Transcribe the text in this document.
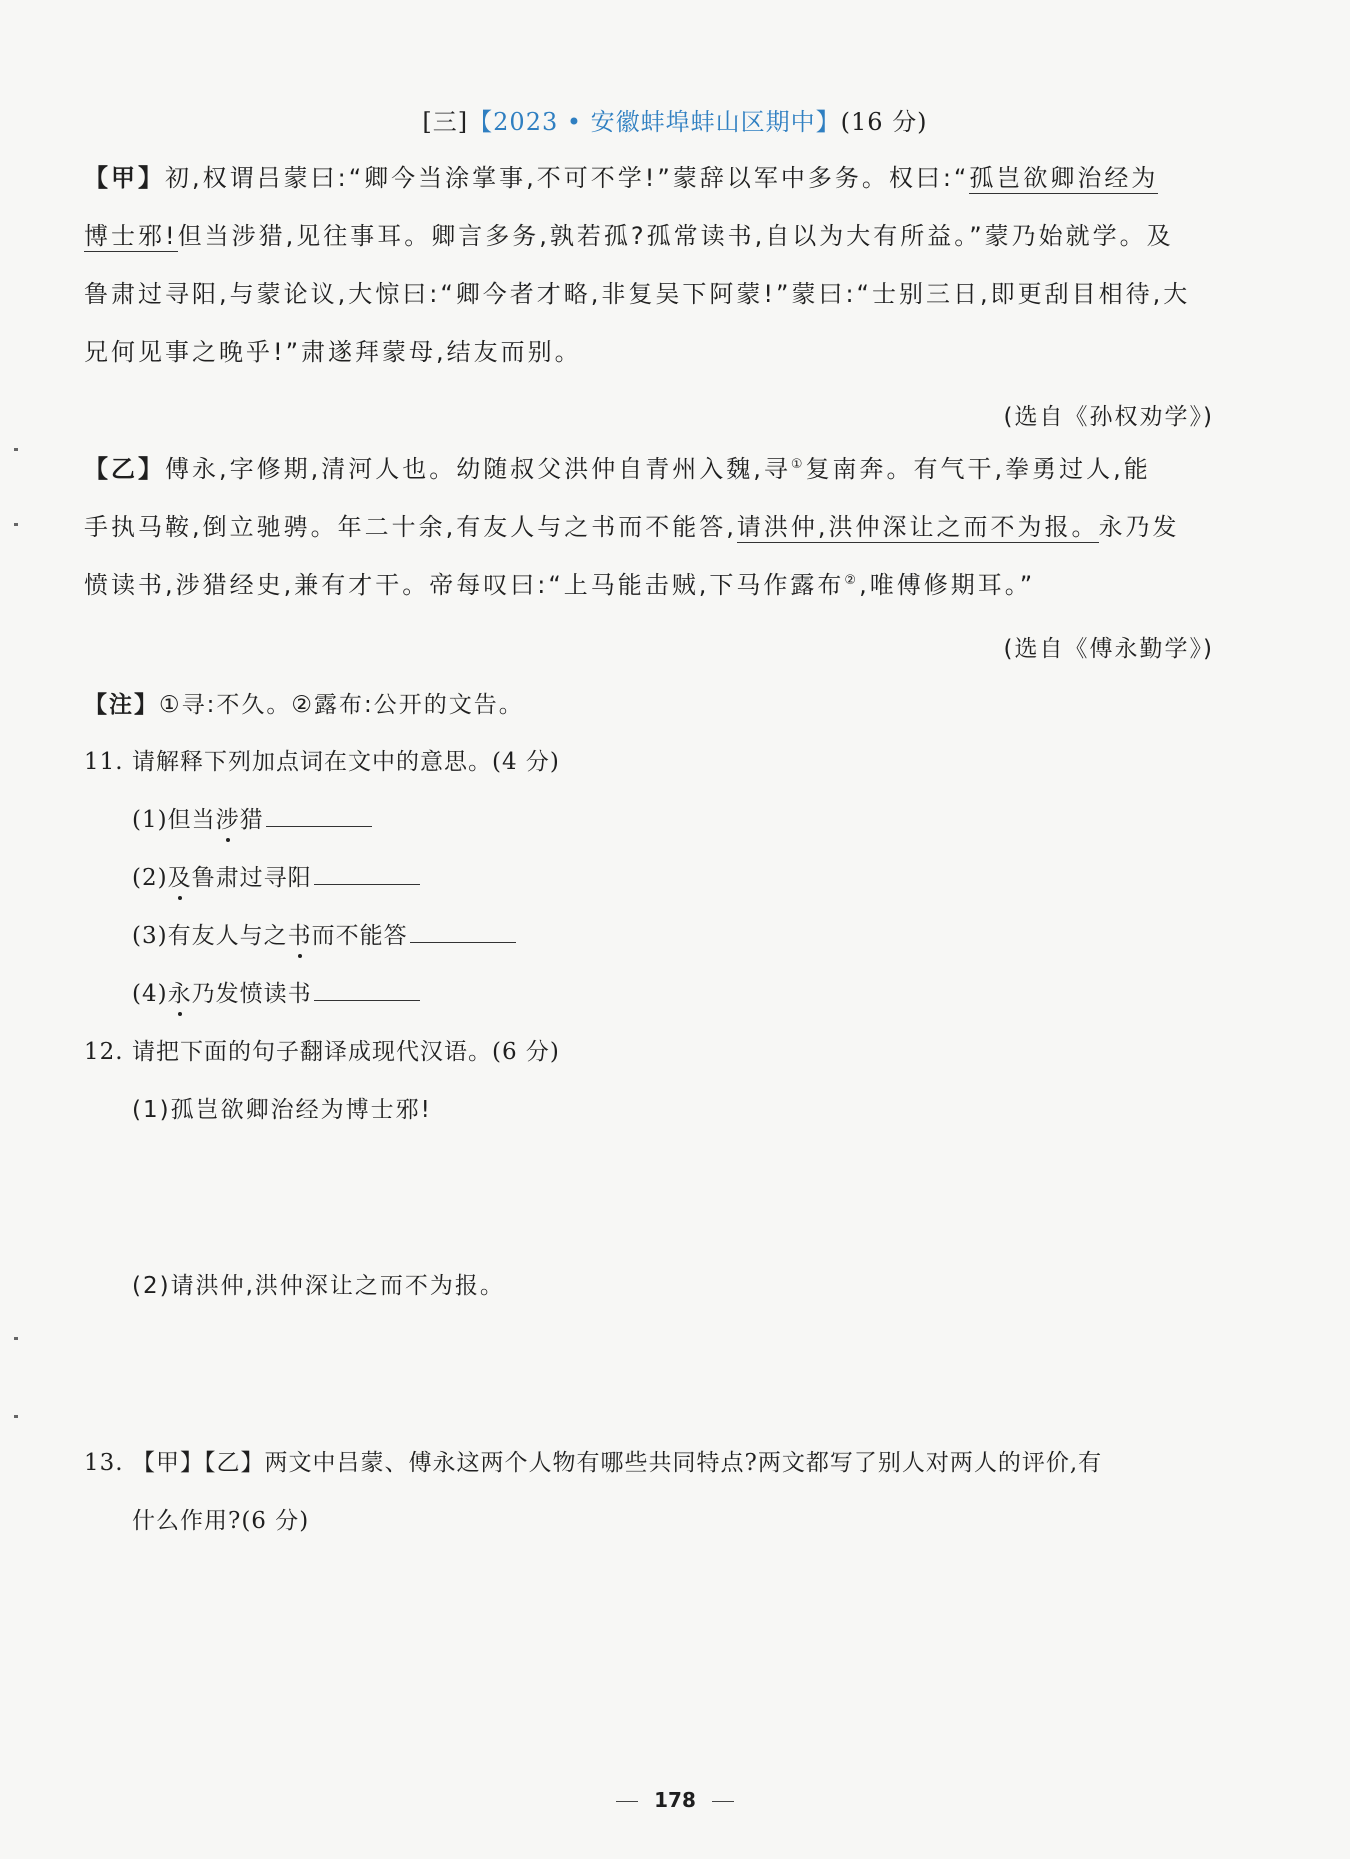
[三]【2023 • 安徽蚌埠蚌山区期中】(16 分)
【甲】初,权谓吕蒙曰:“卿今当涂掌事,不可不学!”蒙辞以军中多务。权曰:“孤岂欲卿治经为
博士邪!但当涉猎,见往事耳。卿言多务,孰若孤?孤常读书,自以为大有所益。”蒙乃始就学。及
鲁肃过寻阳,与蒙论议,大惊曰:“卿今者才略,非复吴下阿蒙!”蒙曰:“士别三日,即更刮目相待,大
兄何见事之晚乎!”肃遂拜蒙母,结友而别。
(选自《孙权劝学》)
【乙】傅永,字修期,清河人也。幼随叔父洪仲自青州入魏,寻①复南奔。有气干,拳勇过人,能
手执马鞍,倒立驰骋。年二十余,有友人与之书而不能答,请洪仲,洪仲深让之而不为报。永乃发
愤读书,涉猎经史,兼有才干。帝每叹曰:“上马能击贼,下马作露布②,唯傅修期耳。”
(选自《傅永勤学》)
【注】①寻:不久。②露布:公开的文告。
11. 请解释下列加点词在文中的意思。(4 分)
(1)但当涉猎
(2)及鲁肃过寻阳
(3)有友人与之书而不能答
(4)永乃发愤读书
12. 请把下面的句子翻译成现代汉语。(6 分)
(1)孤岂欲卿治经为博士邪!
(2)请洪仲,洪仲深让之而不为报。
13. 【甲】【乙】两文中吕蒙、傅永这两个人物有哪些共同特点?两文都写了别人对两人的评价,有
什么作用?(6 分)
178
